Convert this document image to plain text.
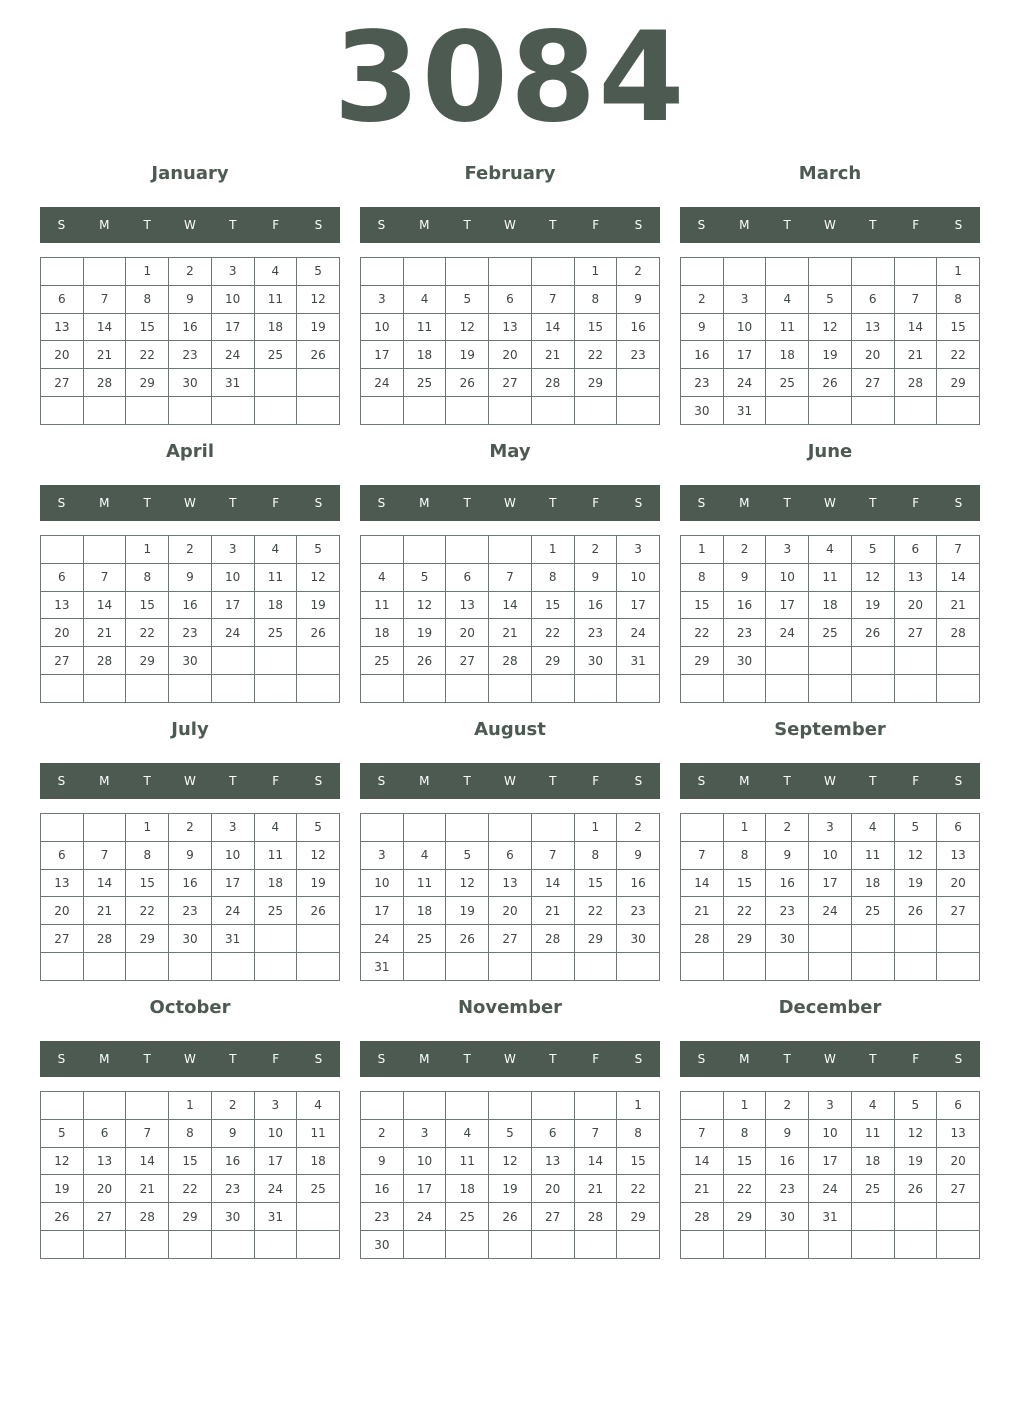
3084
January
S	M	T	W	T	F	S
		1	2	3	4	5
6	7	8	9	10	11	12
13	14	15	16	17	18	19
20	21	22	23	24	25	26
27	28	29	30	31		

February
S	M	T	W	T	F	S
					1	2
3	4	5	6	7	8	9
10	11	12	13	14	15	16
17	18	19	20	21	22	23
24	25	26	27	28	29	

March
S	M	T	W	T	F	S
						1
2	3	4	5	6	7	8
9	10	11	12	13	14	15
16	17	18	19	20	21	22
23	24	25	26	27	28	29
30	31					
April
S	M	T	W	T	F	S
		1	2	3	4	5
6	7	8	9	10	11	12
13	14	15	16	17	18	19
20	21	22	23	24	25	26
27	28	29	30			

May
S	M	T	W	T	F	S
				1	2	3
4	5	6	7	8	9	10
11	12	13	14	15	16	17
18	19	20	21	22	23	24
25	26	27	28	29	30	31

June
S	M	T	W	T	F	S
1	2	3	4	5	6	7
8	9	10	11	12	13	14
15	16	17	18	19	20	21
22	23	24	25	26	27	28
29	30					

July
S	M	T	W	T	F	S
		1	2	3	4	5
6	7	8	9	10	11	12
13	14	15	16	17	18	19
20	21	22	23	24	25	26
27	28	29	30	31		

August
S	M	T	W	T	F	S
					1	2
3	4	5	6	7	8	9
10	11	12	13	14	15	16
17	18	19	20	21	22	23
24	25	26	27	28	29	30
31						
September
S	M	T	W	T	F	S
	1	2	3	4	5	6
7	8	9	10	11	12	13
14	15	16	17	18	19	20
21	22	23	24	25	26	27
28	29	30				

October
S	M	T	W	T	F	S
			1	2	3	4
5	6	7	8	9	10	11
12	13	14	15	16	17	18
19	20	21	22	23	24	25
26	27	28	29	30	31	

November
S	M	T	W	T	F	S
						1
2	3	4	5	6	7	8
9	10	11	12	13	14	15
16	17	18	19	20	21	22
23	24	25	26	27	28	29
30						
December
S	M	T	W	T	F	S
	1	2	3	4	5	6
7	8	9	10	11	12	13
14	15	16	17	18	19	20
21	22	23	24	25	26	27
28	29	30	31			
